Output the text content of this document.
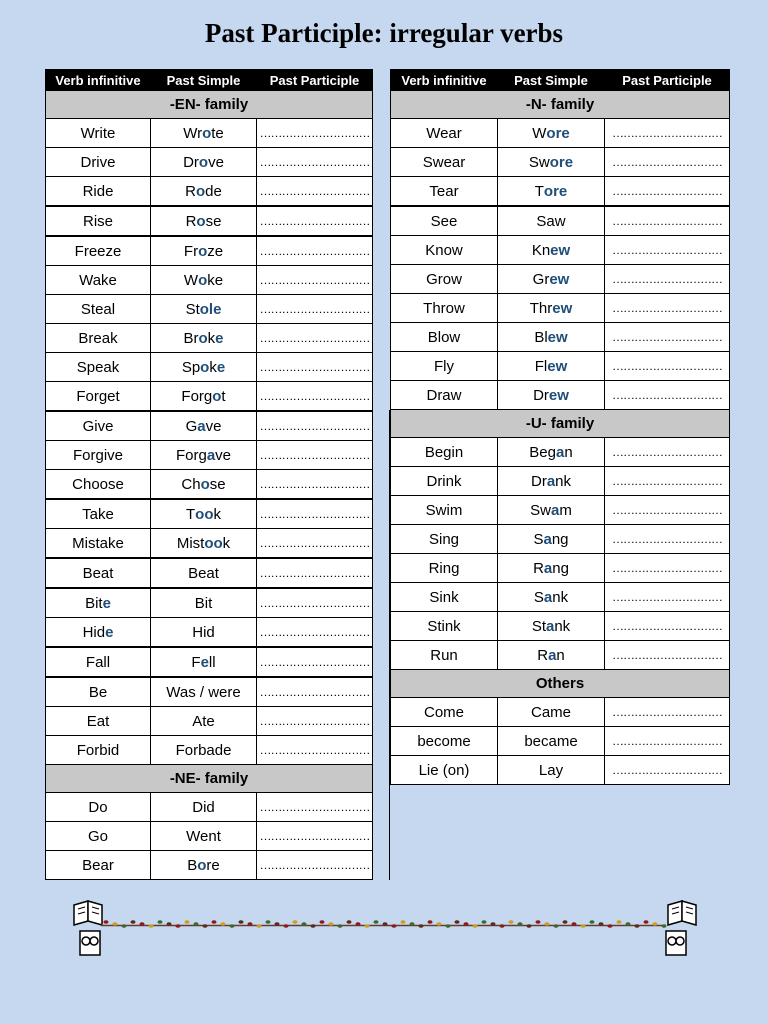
Past Participle: irregular verbs
Verb infinitive	Past Simple	Past Participle
-EN- family		
Write	Wrote	…………………………
Drive	Drove	…………………………
Ride	Rode	…………………………
Rise	Rose	…………………………
Freeze	Froze	…………………………
Wake	Woke	…………………………
Steal	Stole	…………………………
Break	Broke	…………………………
Speak	Spoke	…………………………
Forget	Forgot	…………………………
Give	Gave	…………………………
Forgive	Forgave	…………………………
Choose	Chose	…………………………
Take	Took	…………………………
Mistake	Mistook	…………………………
Beat	Beat	…………………………
Bite	Bit	…………………………
Hide	Hid	…………………………
Fall	Fell	…………………………
Be	Was / were	…………………………
Eat	Ate	…………………………
Forbid	Forbade	…………………………
-NE- family		
Do	Did	…………………………
Go	Went	…………………………
Bear	Bore	…………………………
Verb infinitive	Past Simple	Past Participle
-N- family		
Wear	Wore	…………………………
Swear	Swore	…………………………
Tear	Tore	…………………………
See	Saw	…………………………
Know	Knew	…………………………
Grow	Grew	…………………………
Throw	Threw	…………………………
Blow	Blew	…………………………
Fly	Flew	…………………………
Draw	Drew	…………………………
-U- family		
Begin	Began	…………………………
Drink	Drank	…………………………
Swim	Swam	…………………………
Sing	Sang	…………………………
Ring	Rang	…………………………
Sink	Sank	…………………………
Stink	Stank	…………………………
Run	Ran	…………………………
Others		
Come	Came	…………………………
become	became	…………………………
Lie (on)	Lay	…………………………
